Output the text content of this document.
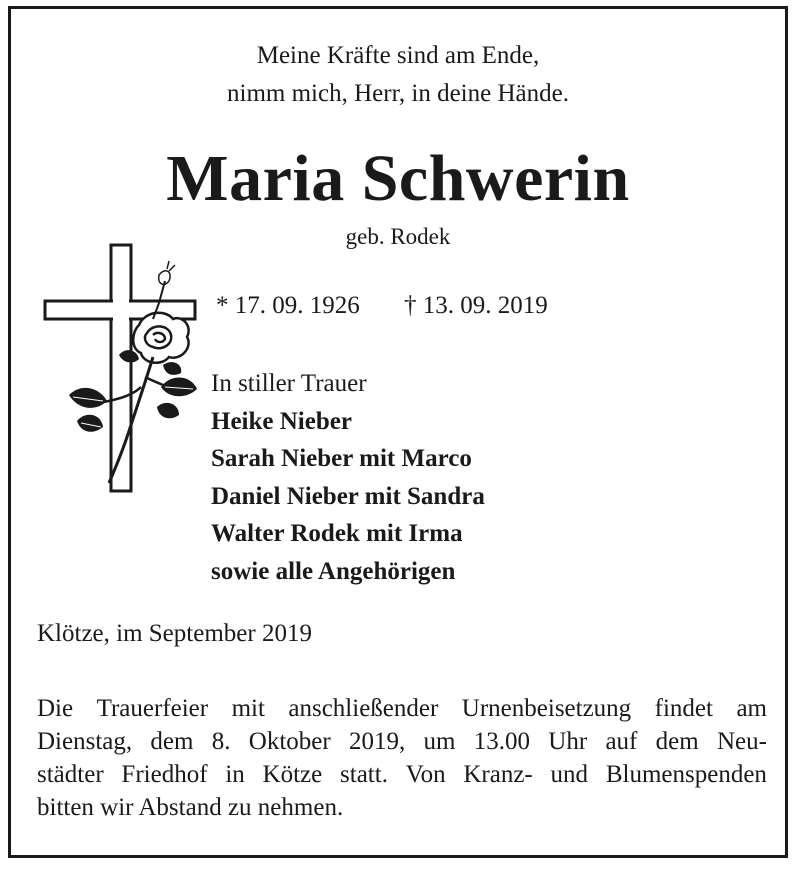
Meine Kräfte sind am Ende,
nimm mich, Herr, in deine Hände.
Maria Schwerin
geb. Rodek
* 17. 09. 1926 † 13. 09. 2019
In stiller Trauer
Heike Nieber
Sarah Nieber mit Marco
Daniel Nieber mit Sandra
Walter Rodek mit Irma
sowie alle Angehörigen
Klötze, im September 2019
Die Trauerfeier mit anschließender Urnenbeisetzung findet am
Dienstag, dem 8. Oktober 2019, um 13.00 Uhr auf dem Neu-
städter Friedhof in Kötze statt. Von Kranz- und Blumenspenden
bitten wir Abstand zu nehmen.
